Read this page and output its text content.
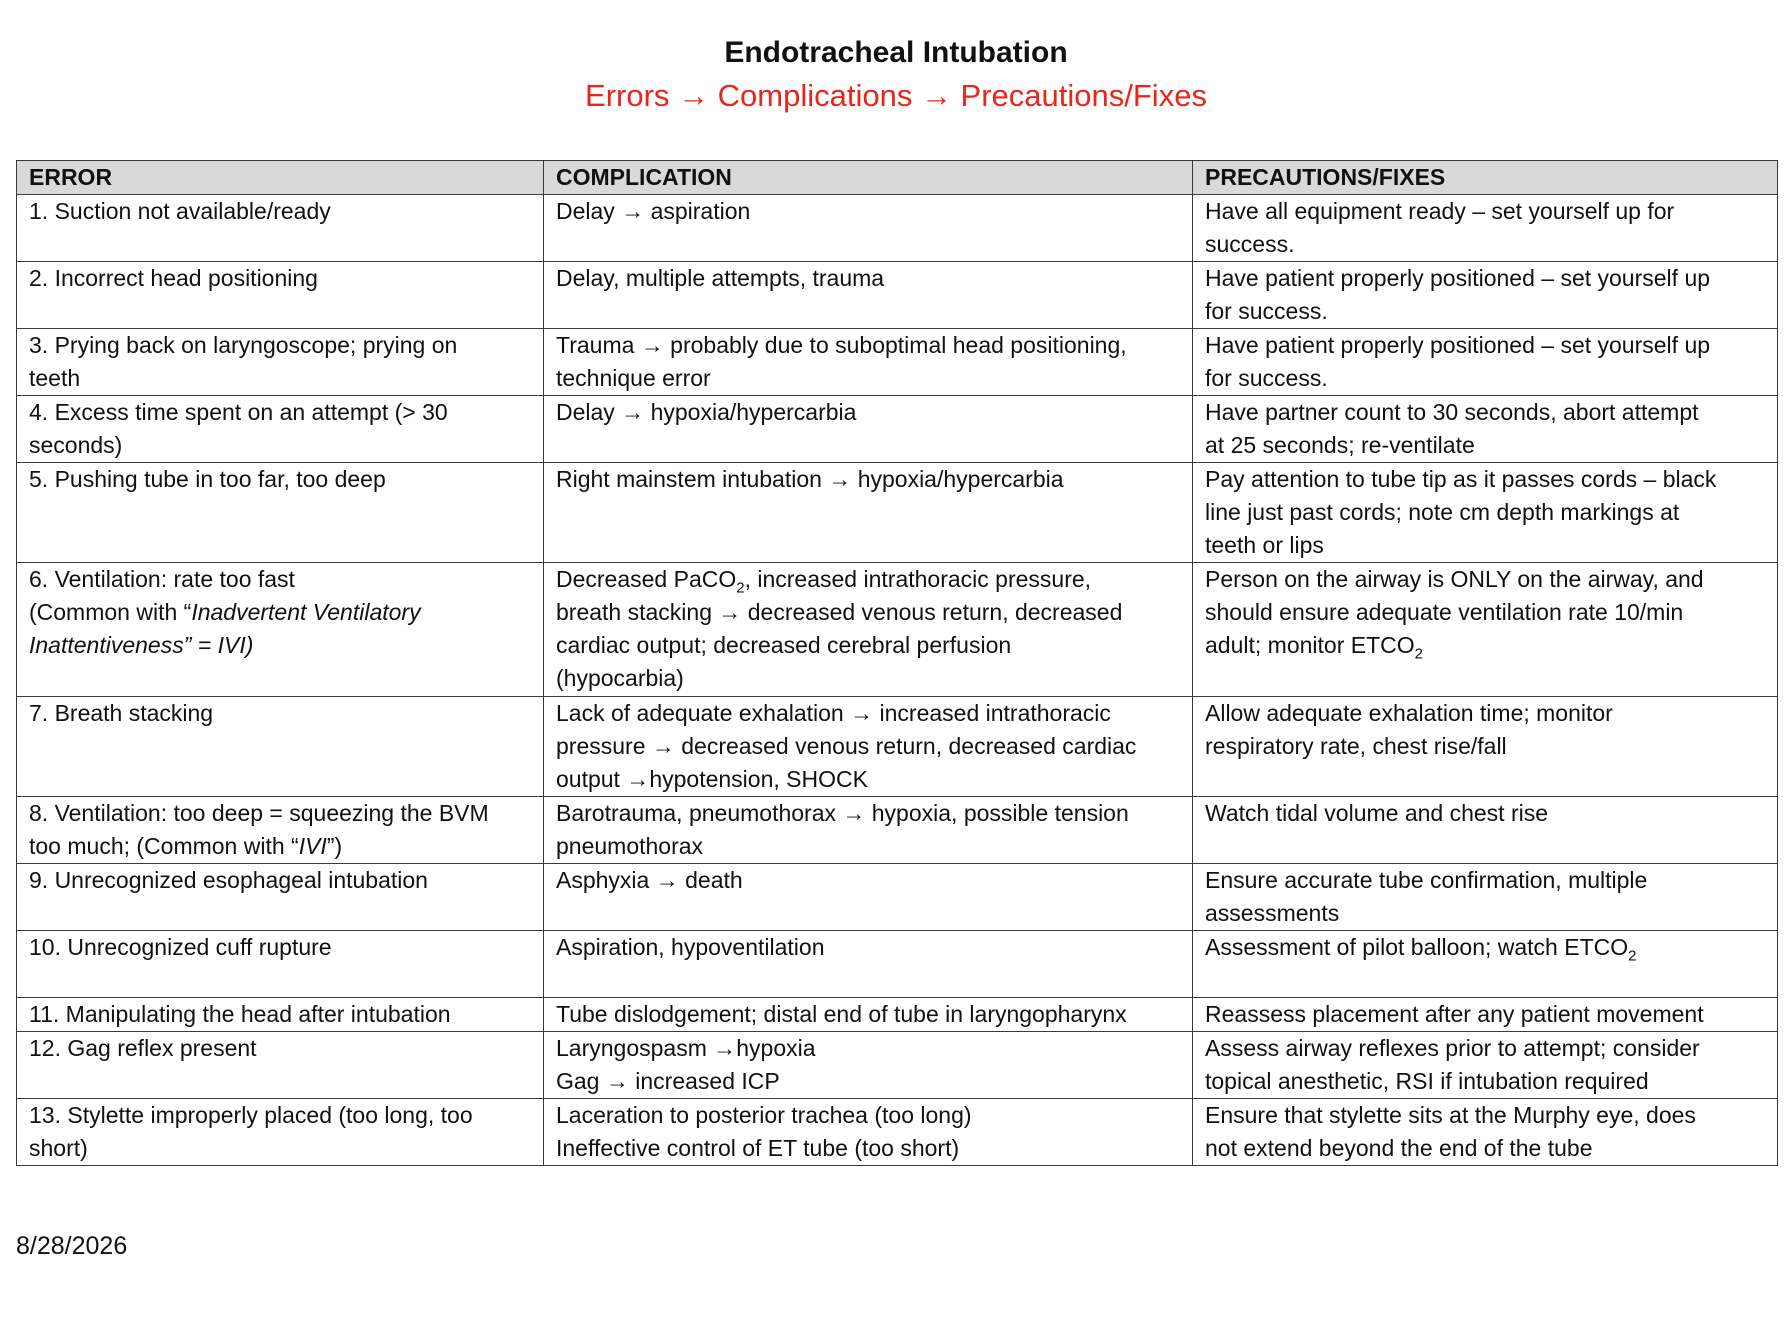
Endotracheal Intubation
Errors → Complications → Precautions/Fixes
ERROR	COMPLICATION	PRECAUTIONS/FIXES

1. Suction not available/ready	Delay → aspiration	Have all equipment ready – set yourself up for
success.

2. Incorrect head positioning	Delay, multiple attempts, trauma	Have patient properly positioned – set yourself up
for success.

3. Prying back on laryngoscope; prying on
teeth	Trauma → probably due to suboptimal head positioning,
technique error	Have patient properly positioned – set yourself up
for success.

4. Excess time spent on an attempt (> 30
seconds)	Delay → hypoxia/hypercarbia	Have partner count to 30 seconds, abort attempt
at 25 seconds; re-ventilate

5. Pushing tube in too far, too deep	Right mainstem intubation → hypoxia/hypercarbia	Pay attention to tube tip as it passes cords – black
line just past cords; note cm depth markings at
teeth or lips

6. Ventilation: rate too fast
(Common with “Inadvertent Ventilatory
Inattentiveness” = IVI)	Decreased PaCO$_2$, increased intrathoracic pressure,
breath stacking → decreased venous return, decreased
cardiac output; decreased cerebral perfusion
(hypocarbia)	Person on the airway is ONLY on the airway, and
should ensure adequate ventilation rate 10/min
adult; monitor $ETCO_2$

7. Breath stacking	Lack of adequate exhalation → increased intrathoracic
pressure → decreased venous return, decreased cardiac
output →hypotension, SHOCK	Allow adequate exhalation time; monitor
respiratory rate, chest rise/fall

8. Ventilation: too deep = squeezing the BVM
too much; (Common with “IVI”)	Barotrauma, pneumothorax → hypoxia, possible tension
pneumothorax	Watch tidal volume and chest rise

9. Unrecognized esophageal intubation	Asphyxia → death	Ensure accurate tube confirmation, multiple
assessments

10. Unrecognized cuff rupture	Aspiration, hypoventilation	Assessment of pilot balloon; watch $ETCO_2$

11. Manipulating the head after intubation	Tube dislodgement; distal end of tube in laryngopharynx	Reassess placement after any patient movement

12. Gag reflex present	Laryngospasm →hypoxia
Gag → increased ICP	Assess airway reflexes prior to attempt; consider
topical anesthetic, RSI if intubation required

13. Stylette improperly placed (too long, too
short)	Laceration to posterior trachea (too long)
Ineffective control of ET tube (too short)	Ensure that stylette sits at the Murphy eye, does
not extend beyond the end of the tube
8/28/2026
